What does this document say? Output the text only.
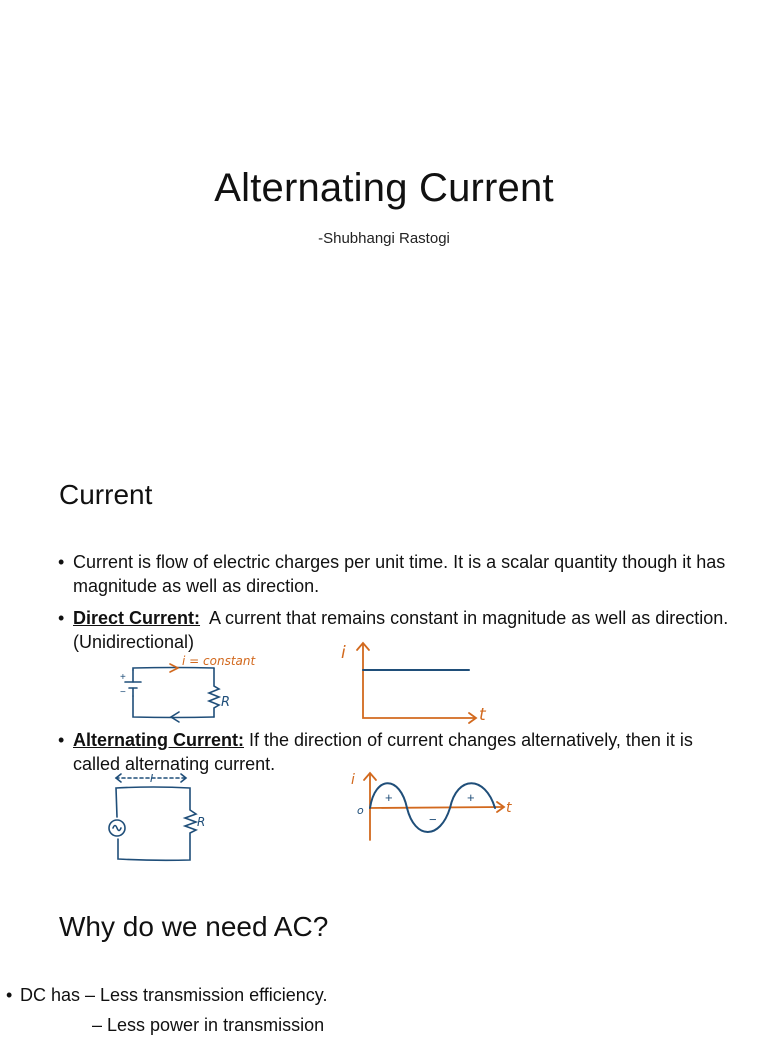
Alternating Current

-Shubhangi Rastogi

Current
• Current is flow of electric charges per unit time. It is a scalar quantity though it has magnitude as well as direction.
• Direct Current:  A current that remains constant in magnitude as well as direction. (Unidirectional)
+
−
i = constant
R
i
t
• Alternating Current: If the direction of current changes alternatively, then it is called alternating current.
I
R
i
t
o
+	+
−
Why do we need AC?
• DC has – Less transmission efficiency.
– Less power in transmission
